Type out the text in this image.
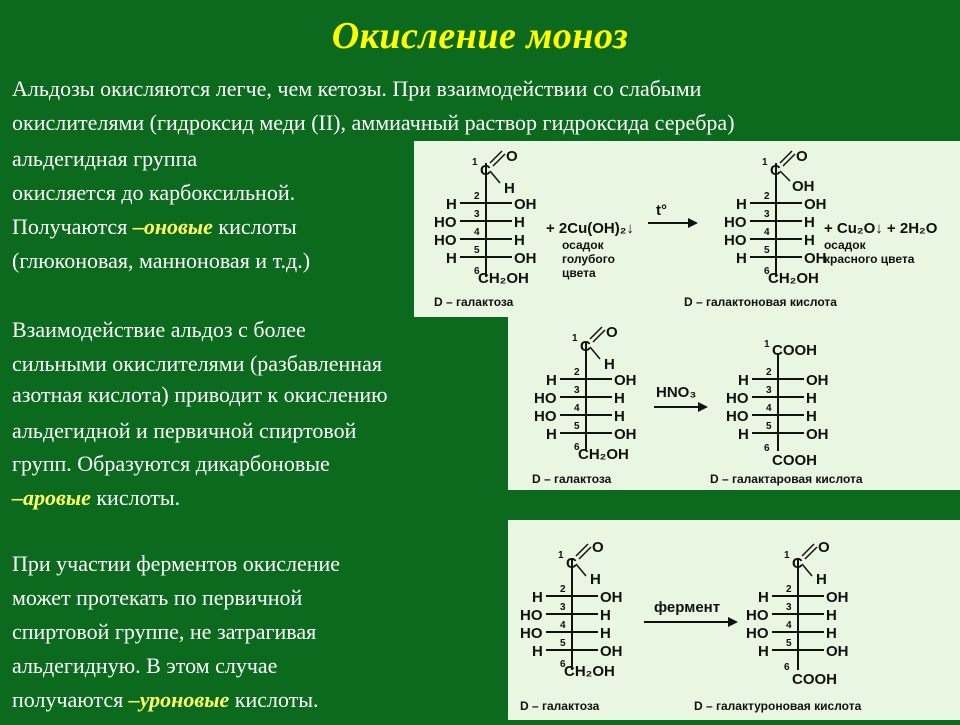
Окисление моноз
Альдозы окисляются легче, чем кетозы. При взаимодействии со слабыми
окислителями (гидроксид меди (II), аммиачный раствор гидроксида серебра)
альдегидная группа
окисляется до карбоксильной.
Получаются –оновые кислоты
(глюконовая, манноновая и т.д.)
Взаимодействие альдоз с более
сильными окислителями (разбавленная
азотная кислота) приводит к окислению
альдегидной и первичной спиртовой
групп. Образуются дикарбоновые
–аровые кислоты.
При участии ферментов окисление
может протекать по первичной
спиртовой группе, не затрагивая
альдегидную. В этом случае
получаются –уроновые кислоты.
O
1 C
H
H	OH
2
HO	H
3
HO	H
4
H	OH
5
6
CH₂OH
+ 2Cu(OH)₂↓
осадок
голубого
цвета
t°
O
1 C
OH
H	OH
2
HO	H
3
HO	H
4
H	OH
5
6
CH₂OH
+ Cu₂O↓ + 2H₂O
осадок
красного цвета
D – галактоза	D – галактоновая кислота
O
1 C
H
H	OH
2
HO	H
3
HO	H
4
H	OH
5
6
CH₂OH
HNO₃
1 COOH
H	OH
2
HO	H
3
HO	H
4
H	OH
5
6
COOH
D – галактоза	D – галактаровая кислота
O
1 C
H
H	OH
2
HO	H
3
HO	H
4
H	OH
5
6
CH₂OH
фермент
O
1 C
H
H	OH
2
HO	H
3
HO	H
4
H	OH
5
6
COOH
D – галактоза	D – галактуроновая кислота
